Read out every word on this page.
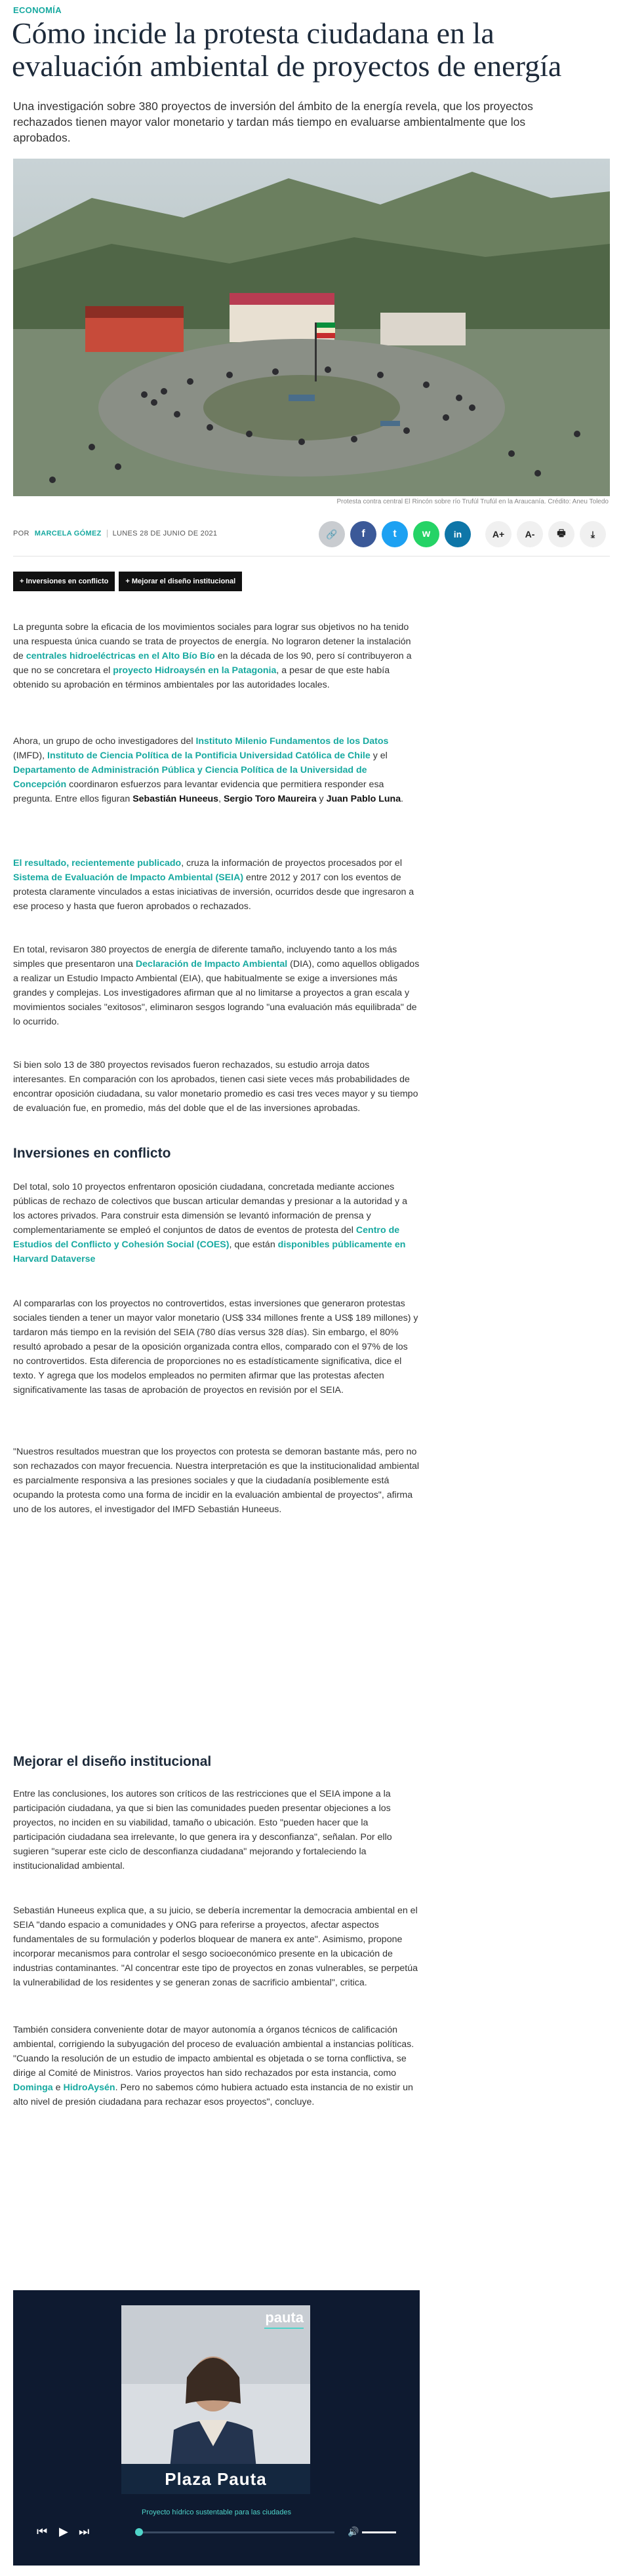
ECONOMÍA
Cómo incide la protesta ciudadana en la evaluación ambiental de proyectos de energía

Una investigación sobre 380 proyectos de inversión del ámbito de la energía revela, que los proyectos rechazados tienen mayor valor monetario y tardan más tiempo en evaluarse ambientalmente que los aprobados.

Protesta contra central El Rincón sobre río Trufúl Trufúl en la Araucanía. Crédito: Aneu Toledo
POR MARCELA GÓMEZ LUNES 28 DE JUNIO DE 2021	🔗	f	t	w	in	A+	A-	🖶	⤓
+ Inversiones en conflicto	+ Mejorar el diseño institucional

La pregunta sobre la eficacia de los movimientos sociales para lograr sus objetivos no ha tenido una respuesta única cuando se trata de proyectos de energía. No lograron detener la instalación de centrales hidroeléctricas en el Alto Bío Bío en la década de los 90, pero sí contribuyeron a que no se concretara el proyecto Hidroaysén en la Patagonia, a pesar de que este había obtenido su aprobación en términos ambientales por las autoridades locales.

Ahora, un grupo de ocho investigadores del Instituto Milenio Fundamentos de los Datos (IMFD), Instituto de Ciencia Política de la Pontificia Universidad Católica de Chile y el Departamento de Administración Pública y Ciencia Política de la Universidad de Concepción coordinaron esfuerzos para levantar evidencia que permitiera responder esa pregunta. Entre ellos figuran Sebastián Huneeus, Sergio Toro Maureira y Juan Pablo Luna.

El resultado, recientemente publicado, cruza la información de proyectos procesados por el Sistema de Evaluación de Impacto Ambiental (SEIA) entre 2012 y 2017 con los eventos de protesta claramente vinculados a estas iniciativas de inversión, ocurridos desde que ingresaron a ese proceso y hasta que fueron aprobados o rechazados.

En total, revisaron 380 proyectos de energía de diferente tamaño, incluyendo tanto a los más simples que presentaron una Declaración de Impacto Ambiental (DIA), como aquellos obligados a realizar un Estudio Impacto Ambiental (EIA), que habitualmente se exige a inversiones más grandes y complejas. Los investigadores afirman que al no limitarse a proyectos a gran escala y movimientos sociales "exitosos", eliminaron sesgos logrando "una evaluación más equilibrada" de lo ocurrido.

Si bien solo 13 de 380 proyectos revisados fueron rechazados, su estudio arroja datos interesantes. En comparación con los aprobados, tienen casi siete veces más probabilidades de encontrar oposición ciudadana, su valor monetario promedio es casi tres veces mayor y su tiempo de evaluación fue, en promedio, más del doble que el de las inversiones aprobadas.

Inversiones en conflicto

Del total, solo 10 proyectos enfrentaron oposición ciudadana, concretada mediante acciones públicas de rechazo de colectivos que buscan articular demandas y presionar a la autoridad y a los actores privados. Para construir esta dimensión se levantó información de prensa y complementariamente se empleó el conjuntos de datos de eventos de protesta del Centro de Estudios del Conflicto y Cohesión Social (COES), que están disponibles públicamente en Harvard Dataverse

Al compararlas con los proyectos no controvertidos, estas inversiones que generaron protestas sociales tienden a tener un mayor valor monetario (US$ 334 millones frente a US$ 189 millones) y tardaron más tiempo en la revisión del SEIA (780 días versus 328 días). Sin embargo, el 80% resultó aprobado a pesar de la oposición organizada contra ellos, comparado con el 97% de los no controvertidos. Esta diferencia de proporciones no es estadísticamente significativa, dice el texto. Y agrega que los modelos empleados no permiten afirmar que las protestas afecten significativamente las tasas de aprobación de proyectos en revisión por el SEIA.

"Nuestros resultados muestran que los proyectos con protesta se demoran bastante más, pero no son rechazados con mayor frecuencia. Nuestra interpretación es que la institucionalidad ambiental es parcialmente responsiva a las presiones sociales y que la ciudadanía posiblemente está ocupando la protesta como una forma de incidir en la evaluación ambiental de proyectos", afirma uno de los autores, el investigador del IMFD Sebastián Huneeus.

Mejorar el diseño institucional

Entre las conclusiones, los autores son críticos de las restricciones que el SEIA impone a la participación ciudadana, ya que si bien las comunidades pueden presentar objeciones a los proyectos, no inciden en su viabilidad, tamaño o ubicación. Esto "pueden hacer que la participación ciudadana sea irrelevante, lo que genera ira y desconfianza", señalan. Por ello sugieren "superar este ciclo de desconfianza ciudadana" mejorando y fortaleciendo la institucionalidad ambiental.

Sebastián Huneeus explica que, a su juicio, se debería incrementar la democracia ambiental en el SEIA "dando espacio a comunidades y ONG para referirse a proyectos, afectar aspectos fundamentales de su formulación y poderlos bloquear de manera ex ante". Asimismo, propone incorporar mecanismos para controlar el sesgo socioeconómico presente en la ubicación de industrias contaminantes. "Al concentrar este tipo de proyectos en zonas vulnerables, se perpetúa la vulnerabilidad de los residentes y se generan zonas de sacrificio ambiental", critica.

También considera conveniente dotar de mayor autonomía a órganos técnicos de calificación ambiental, corrigiendo la subyugación del proceso de evaluación ambiental a instancias políticas. "Cuando la resolución de un estudio de impacto ambiental es objetada o se torna conflictiva, se dirige al Comité de Ministros. Varios proyectos han sido rechazados por esta instancia, como Dominga e HidroAysén. Pero no sabemos cómo hubiera actuado esta instancia de no existir un alto nivel de presión ciudadana para rechazar esos proyectos", concluye.

pauta
Plaza Pauta
Proyecto hídrico sustentable para las ciudades
⏮ ▶ ⏭	🔊
